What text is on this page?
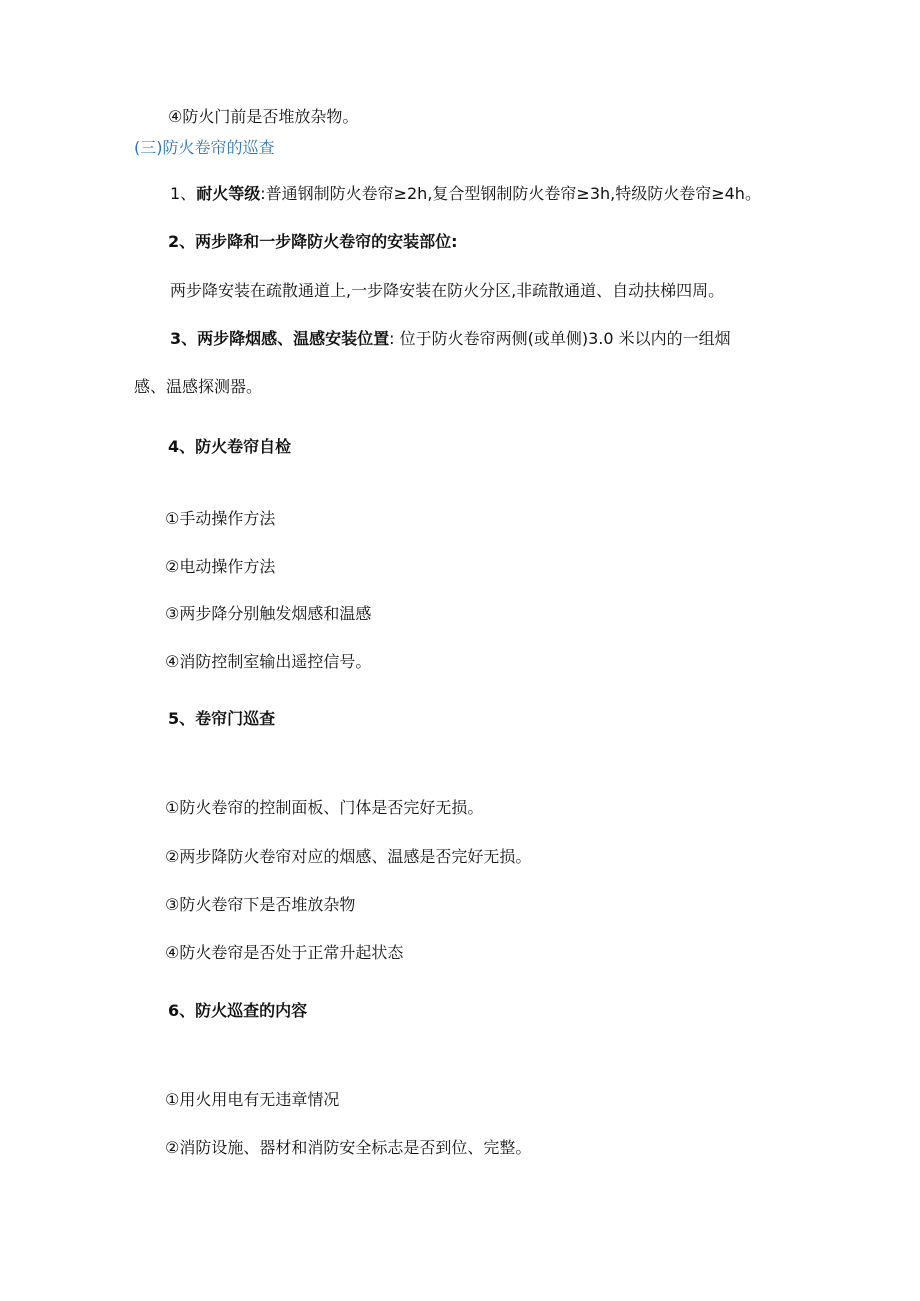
④防火门前是否堆放杂物。
(三)防火卷帘的巡查
1、耐火等级:普通钢制防火卷帘≥2h,复合型钢制防火卷帘≥3h,特级防火卷帘≥4h。
2、两步降和一步降防火卷帘的安装部位:
两步降安装在疏散通道上,一步降安装在防火分区,非疏散通道、自动扶梯四周。
3、两步降烟感、温感安装位置: 位于防火卷帘两侧(或单侧)3.0 米以内的一组烟
感、温感探测器。
4、防火卷帘自检
①手动操作方法
②电动操作方法
③两步降分别触发烟感和温感
④消防控制室输出遥控信号。
5、卷帘门巡查
①防火卷帘的控制面板、门体是否完好无损。
②两步降防火卷帘对应的烟感、温感是否完好无损。
③防火卷帘下是否堆放杂物
④防火卷帘是否处于正常升起状态
6、防火巡查的内容
①用火用电有无违章情况
②消防设施、器材和消防安全标志是否到位、完整。
